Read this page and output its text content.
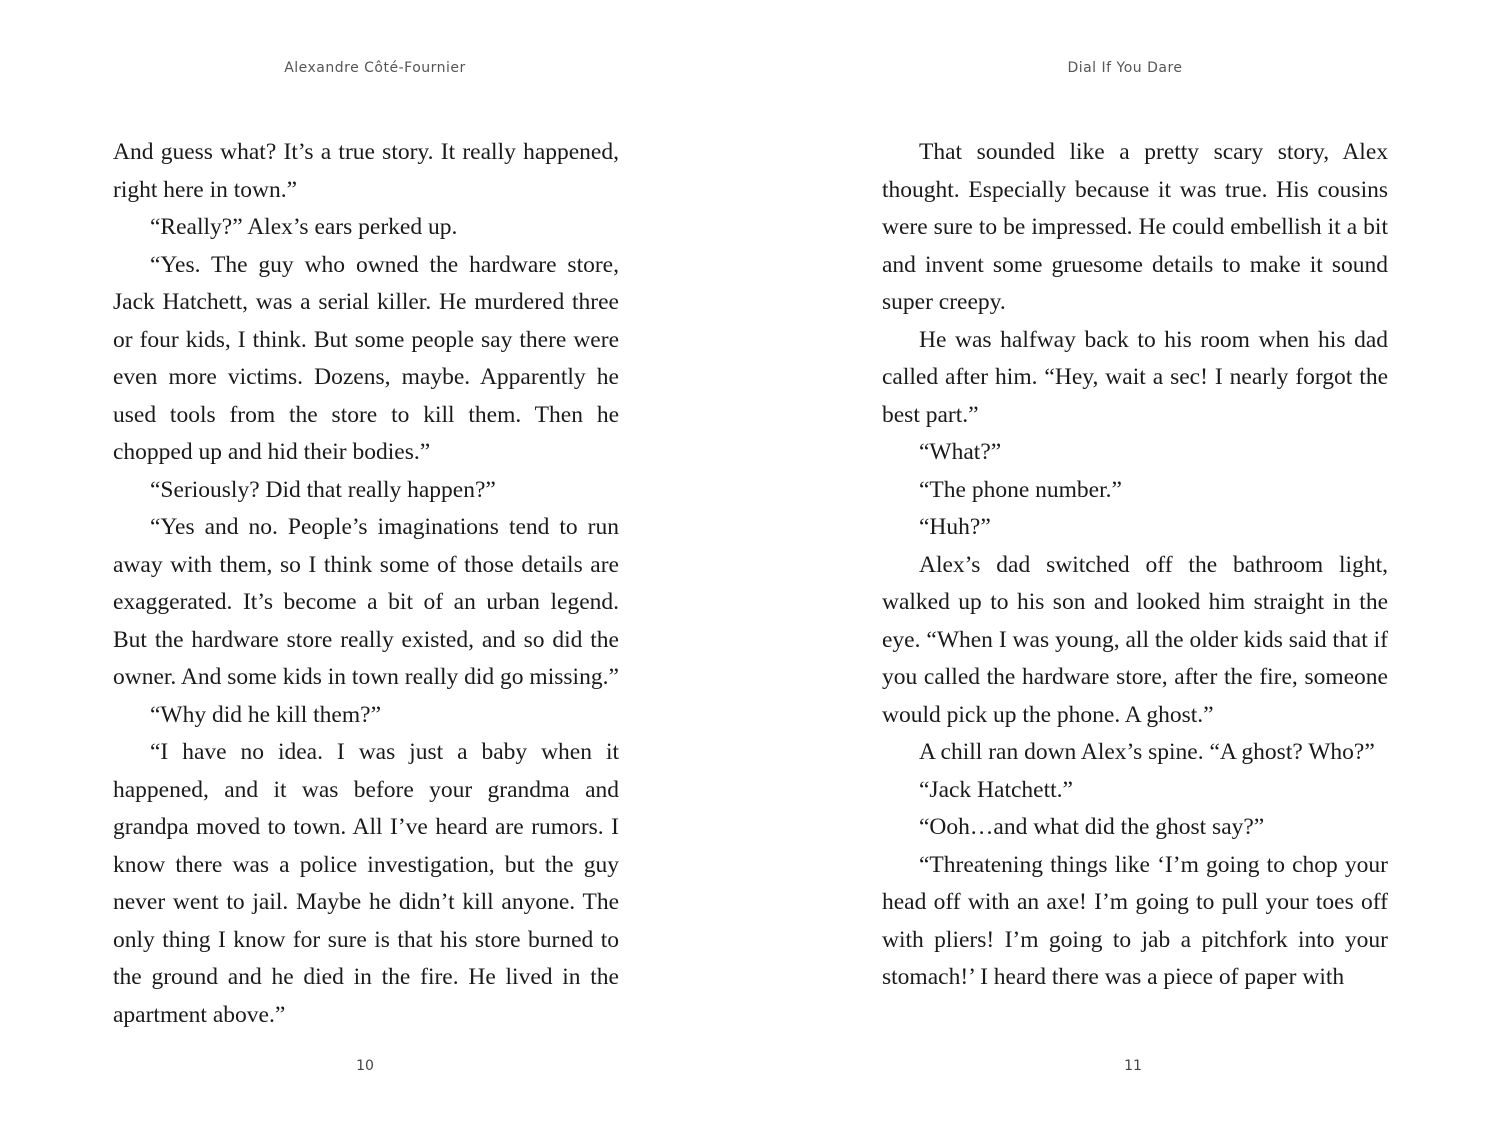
Alexandre Côté-Fournier

And guess what? It’s a true story. It really happened, right here in town.”

“Really?” Alex’s ears perked up.

“Yes. The guy who owned the hardware store, Jack Hatchett, was a serial killer. He murdered three or four kids, I think. But some people say there were even more victims. Dozens, maybe. Apparently he used tools from the store to kill them. Then he chopped up and hid their bodies.”

“Seriously? Did that really happen?”

“Yes and no. People’s imaginations tend to run away with them, so I think some of those details are exaggerated. It’s become a bit of an urban legend. But the hardware store really existed, and so did the owner. And some kids in town really did go missing.”

“Why did he kill them?”

“I have no idea. I was just a baby when it happened, and it was before your grandma and grandpa moved to town. All I’ve heard are rumors. I know there was a police investigation, but the guy never went to jail. Maybe he didn’t kill anyone. The only thing I know for sure is that his store burned to the ground and he died in the fire. He lived in the apartment above.”

10
Dial If You Dare

That sounded like a pretty scary story, Alex thought. Especially because it was true. His cousins were sure to be impressed. He could embellish it a bit and invent some gruesome details to make it sound super creepy.

He was halfway back to his room when his dad called after him. “Hey, wait a sec! I nearly forgot the best part.”

“What?”

“The phone number.”

“Huh?”

Alex’s dad switched off the bathroom light, walked up to his son and looked him straight in the eye. “When I was young, all the older kids said that if you called the hardware store, after the fire, someone would pick up the phone. A ghost.”

A chill ran down Alex’s spine. “A ghost? Who?”

“Jack Hatchett.”

“Ooh…and what did the ghost say?”

“Threatening things like ‘I’m going to chop your head off with an axe! I’m going to pull your toes off with pliers! I’m going to jab a pitchfork into your stomach!’ I heard there was a piece of paper with

11
